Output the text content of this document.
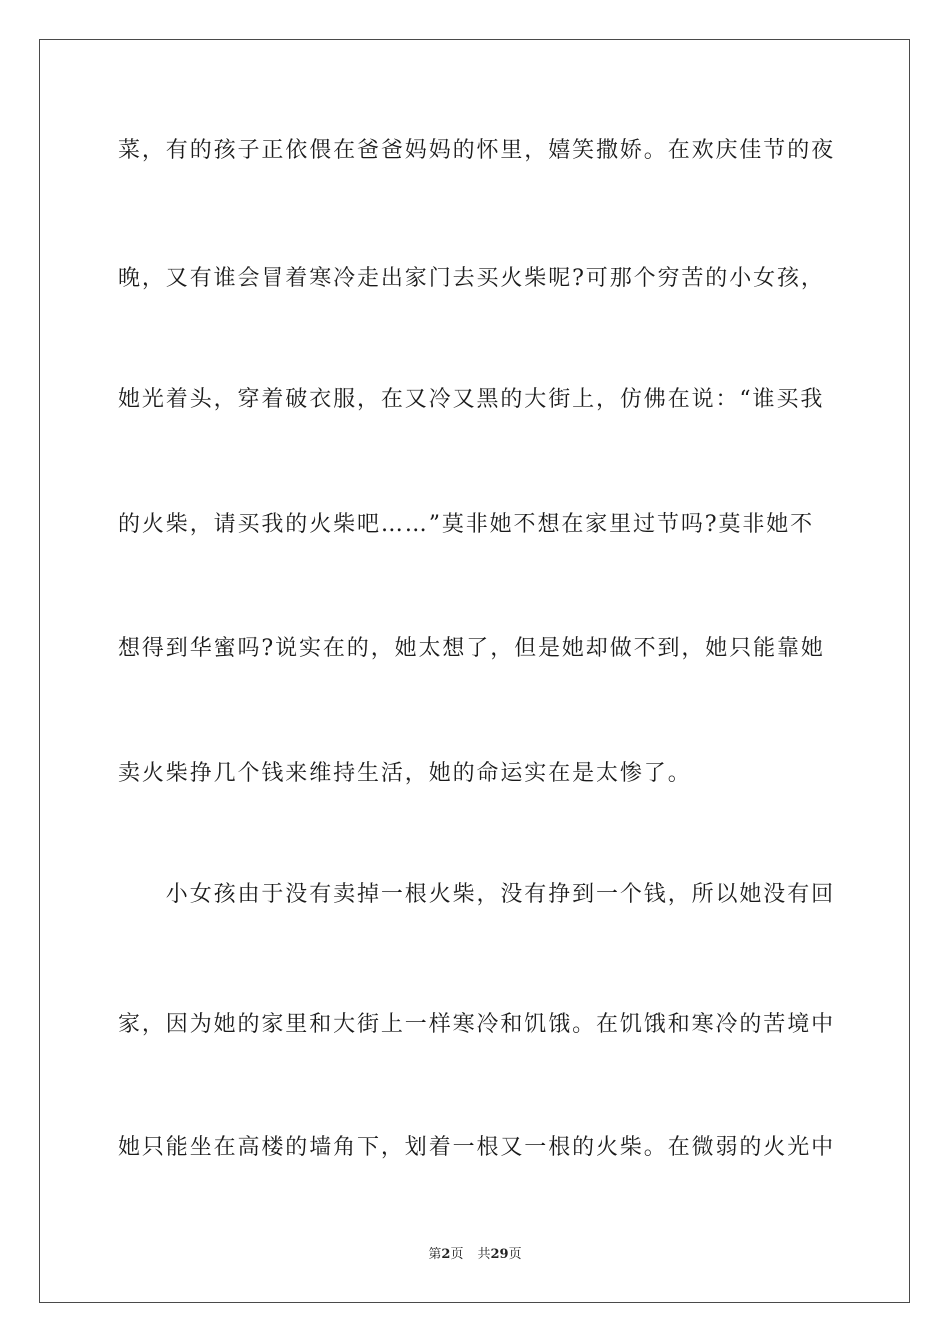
菜，有的孩子正依偎在爸爸妈妈的怀里，嬉笑撒娇。在欢庆佳节的夜
晚，又有谁会冒着寒冷走出家门去买火柴呢?可那个穷苦的小女孩，
她光着头，穿着破衣服，在又冷又黑的大街上，仿佛在说：“谁买我
的火柴，请买我的火柴吧……”莫非她不想在家里过节吗?莫非她不
想得到华蜜吗?说实在的，她太想了，但是她却做不到，她只能靠她
卖火柴挣几个钱来维持生活，她的命运实在是太惨了。
　　小女孩由于没有卖掉一根火柴，没有挣到一个钱，所以她没有回
家，因为她的家里和大街上一样寒冷和饥饿。在饥饿和寒冷的苦境中
她只能坐在高楼的墙角下，划着一根又一根的火柴。在微弱的火光中
第2页 共29页
